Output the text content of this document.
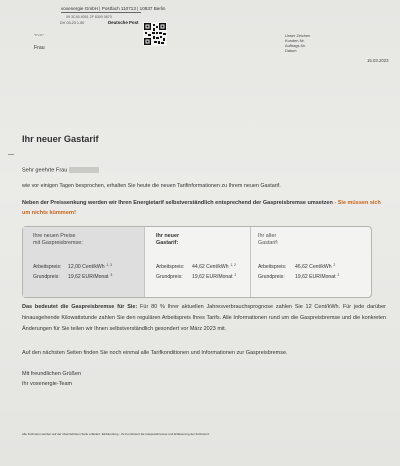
voxenergie GmbH | Postfach 110713 | 10837 Berlin
09 3C45 4051 2F 8300 0870
DV 03.23 1.00	Deutsche Post
*DV4F*
Frau
Unser Zeichen
Kunden-Nr.
Auftrags-Nr.
Datum
15.03.2023
Ihr neuer Gastarif
Sehr geehrte Frau
wie vor einigen Tagen besprochen, erhalten Sie heute die neuen Tarifinformationen zu Ihrem neuen Gastarif.
Neben der Preissenkung werden wir Ihren Energietarif selbstverständlich entsprechend der Gaspreisbremse umsetzen - Sie müssen sich um nichts kümmern!
Ihre neuen Preise
mit Gaspreisbremse:
Arbeitspreis: 12,00 Cent/kWh $^{1, 3}$
Grundpreis: 19,62 EUR/Monat $^3$
Ihr neuer
Gastarif:
Arbeitspreis: 44,62 Cent/kWh $^{1, 2}$
Grundpreis: 19,62 EUR/Monat $^2$
Ihr alter
Gastarif:
Arbeitspreis: 46,62 Cent/kWh $^2$
Grundpreis: 19,62 EUR/Monat $^2$
Das bedeutet die Gaspreisbremse für Sie: Für 80 % Ihrer aktuellen Jahresverbrauchsprognose zahlen Sie 12 Cent/kWh. Für jede darüber hinausgehende Kilowattstunde zahlen Sie den regulären Arbeitspreis Ihres Tarifs. Alle Informationen rund um die Gaspreisbremse und die konkreten Änderungen für Sie teilen wir Ihnen selbstverständlich gesondert vor März 2023 mit.
Auf den nächsten Seiten finden Sie noch einmal alle Tarifkonditionen und Informationen zur Gaspreisbremse.
Mit freundlichen Grüßen
Ihr voxenergie-Team
Alle Fußnoten werden auf der übernächsten Seite erläutert. Einblendung - Ihr Kombiniert die Gaspreisbremse und Erläuterung der Fußnoten!
